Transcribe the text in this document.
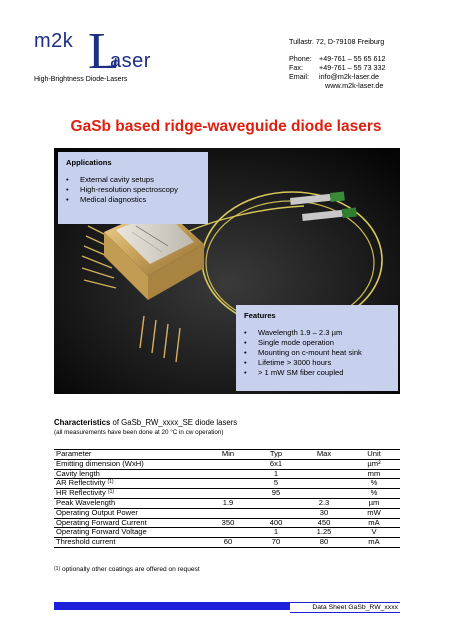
m2k L
aser
High-Brightness Diode-Lasers
Tullastr. 72, D-79108 Freiburg
Phone:	+49-761 – 55 65 612
Fax:	+49-761 – 55 73 332
Email:	info@m2k-laser.de
www.m2k-laser.de
GaSb based ridge-waveguide diode lasers
Applications
• External cavity setups
• High-resolution spectroscopy
• Medical diagnostics
Features
• Wavelength 1.9 – 2.3 µm
• Single mode operation
• Mounting on c-mount heat sink
• Lifetime > 3000 hours
• > 1 mW SM fiber coupled
Characteristics of GaSb_RW_xxxx_SE diode lasers
(all measurements have been done at 20 °C in cw operation)
Parameter	Min	Typ	Max	Unit
Emitting dimension (WxH)		6x1		µm²
Cavity length		1		mm
AR Reflectivity $^{(1)}$		5		%
HR Reflectivity $^{(1)}$		95		%
Peak Wavelength	1.9		2.3	µm
Operating Output Power			30	mW
Operating Forward Current	350	400	450	mA
Operating Forward Voltage		1	1.25	V
Threshold current	60	70	80	mA
$^{(1)}$ optionally other coatings are offered on request
Data Sheet GaSb_RW_xxxx
